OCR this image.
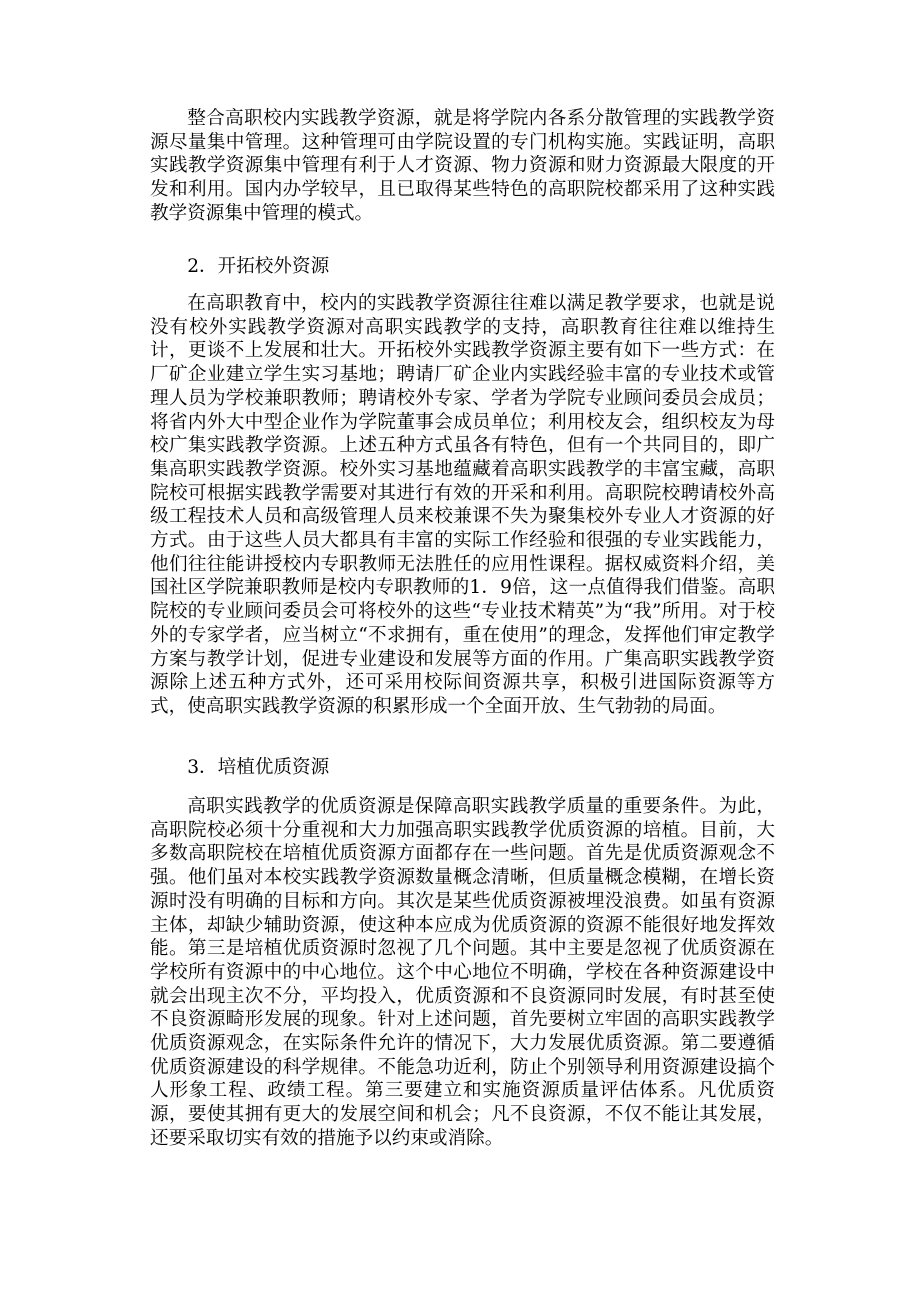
整合高职校内实践教学资源，就是将学院内各系分散管理的实践教学资源尽量集中管理。这种管理可由学院设置的专门机构实施。实践证明，高职实践教学资源集中管理有利于人才资源、物力资源和财力资源最大限度的开发和利用。国内办学较早，且已取得某些特色的高职院校都采用了这种实践教学资源集中管理的模式。

2．开拓校外资源

在高职教育中，校内的实践教学资源往往难以满足教学要求，也就是说没有校外实践教学资源对高职实践教学的支持，高职教育往往难以维持生计，更谈不上发展和壮大。开拓校外实践教学资源主要有如下一些方式：在厂矿企业建立学生实习基地；聘请厂矿企业内实践经验丰富的专业技术或管理人员为学校兼职教师；聘请校外专家、学者为学院专业顾问委员会成员；将省内外大中型企业作为学院董事会成员单位；利用校友会，组织校友为母校广集实践教学资源。上述五种方式虽各有特色，但有一个共同目的，即广集高职实践教学资源。校外实习基地蕴藏着高职实践教学的丰富宝藏，高职院校可根据实践教学需要对其进行有效的开采和利用。高职院校聘请校外高级工程技术人员和高级管理人员来校兼课不失为聚集校外专业人才资源的好方式。由于这些人员大都具有丰富的实际工作经验和很强的专业实践能力，他们往往能讲授校内专职教师无法胜任的应用性课程。据权威资料介绍，美国社区学院兼职教师是校内专职教师的1．9倍，这一点值得我们借鉴。高职院校的专业顾问委员会可将校外的这些“专业技术精英”为“我”所用。对于校外的专家学者，应当树立“不求拥有，重在使用”的理念，发挥他们审定教学方案与教学计划，促进专业建设和发展等方面的作用。广集高职实践教学资源除上述五种方式外，还可采用校际间资源共享，积极引进国际资源等方式，使高职实践教学资源的积累形成一个全面开放、生气勃勃的局面。

3．培植优质资源

高职实践教学的优质资源是保障高职实践教学质量的重要条件。为此，高职院校必须十分重视和大力加强高职实践教学优质资源的培植。目前，大多数高职院校在培植优质资源方面都存在一些问题。首先是优质资源观念不强。他们虽对本校实践教学资源数量概念清晰，但质量概念模糊，在增长资源时没有明确的目标和方向。其次是某些优质资源被埋没浪费。如虽有资源主体，却缺少辅助资源，使这种本应成为优质资源的资源不能很好地发挥效能。第三是培植优质资源时忽视了几个问题。其中主要是忽视了优质资源在学校所有资源中的中心地位。这个中心地位不明确，学校在各种资源建设中就会出现主次不分，平均投入，优质资源和不良资源同时发展，有时甚至使不良资源畸形发展的现象。针对上述问题，首先要树立牢固的高职实践教学优质资源观念，在实际条件允许的情况下，大力发展优质资源。第二要遵循优质资源建设的科学规律。不能急功近利，防止个别领导利用资源建设搞个人形象工程、政绩工程。第三要建立和实施资源质量评估体系。凡优质资源，要使其拥有更大的发展空间和机会；凡不良资源，不仅不能让其发展，还要采取切实有效的措施予以约束或消除。
